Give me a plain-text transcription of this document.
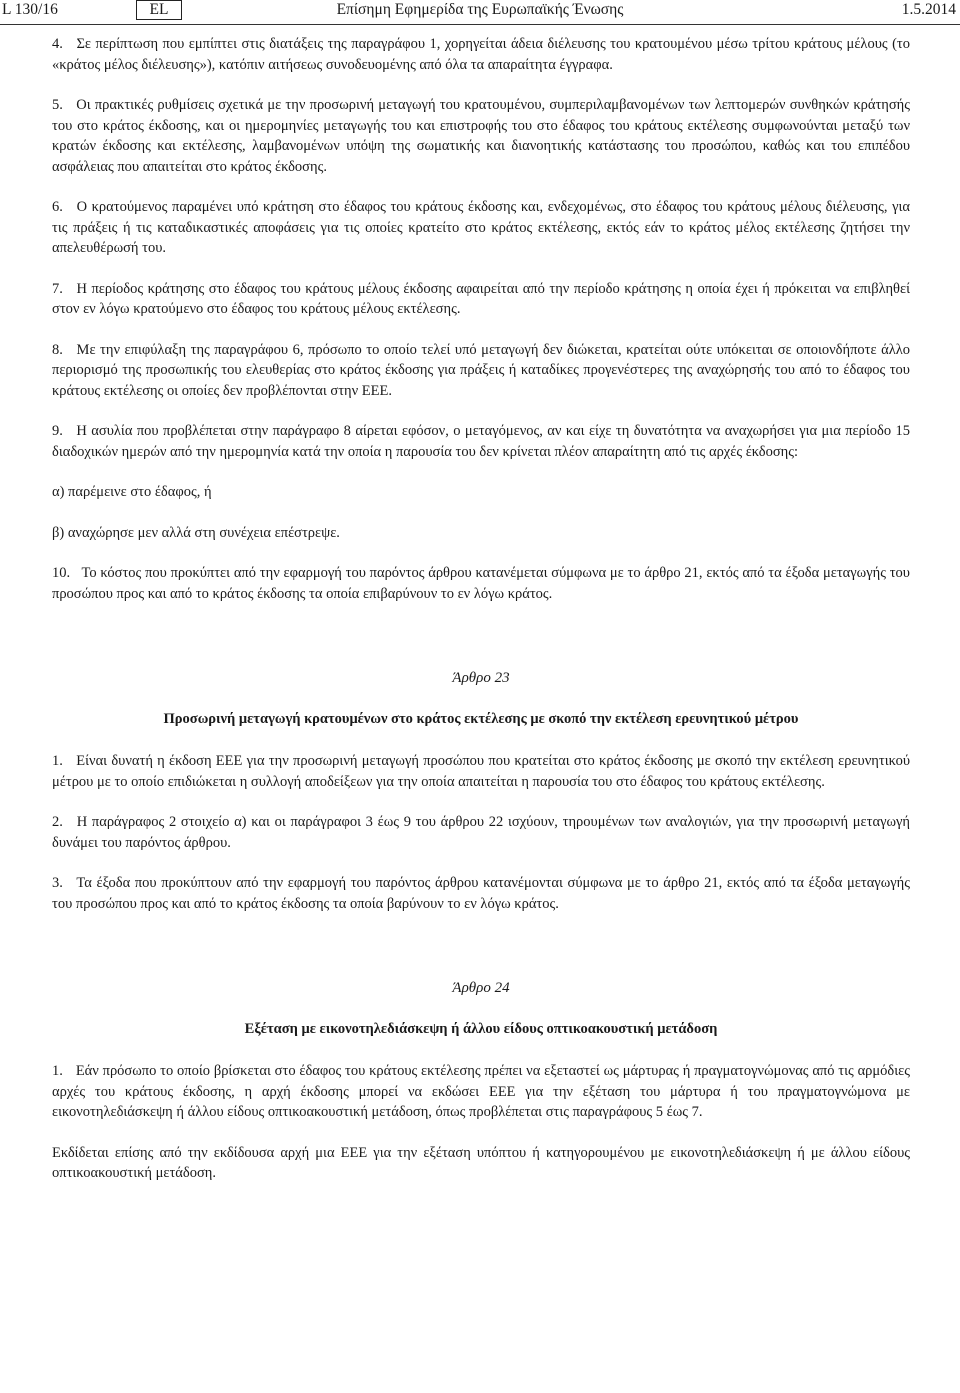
L 130/16	EL	Επίσημη Εφημερίδα της Ευρωπαϊκής Ένωσης	1.5.2014

4. Σε περίπτωση που εμπίπτει στις διατάξεις της παραγράφου 1, χορηγείται άδεια διέλευσης του κρατουμένου μέσω τρίτου κράτους μέλους (το «κράτος μέλος διέλευσης»), κατόπιν αιτήσεως συνοδευομένης από όλα τα απαραίτητα έγγραφα.

5. Οι πρακτικές ρυθμίσεις σχετικά με την προσωρινή μεταγωγή του κρατουμένου, συμπεριλαμβανομένων των λεπτομερών συνθηκών κράτησής του στο κράτος έκδοσης, και οι ημερομηνίες μεταγωγής του και επιστροφής του στο έδαφος του κράτους εκτέλεσης συμφωνούνται μεταξύ των κρατών έκδοσης και εκτέλεσης, λαμβανομένων υπόψη της σωματικής και διανοητικής κατάστασης του προσώπου, καθώς και του επιπέδου ασφάλειας που απαιτείται στο κράτος έκδοσης.

6. Ο κρατούμενος παραμένει υπό κράτηση στο έδαφος του κράτους έκδοσης και, ενδεχομένως, στο έδαφος του κράτους μέλους διέλευσης, για τις πράξεις ή τις καταδικαστικές αποφάσεις για τις οποίες κρατείτο στο κράτος εκτέλεσης, εκτός εάν το κράτος μέλος εκτέλεσης ζητήσει την απελευθέρωσή του.

7. Η περίοδος κράτησης στο έδαφος του κράτους μέλους έκδοσης αφαιρείται από την περίοδο κράτησης η οποία έχει ή πρόκειται να επιβληθεί στον εν λόγω κρατούμενο στο έδαφος του κράτους μέλους εκτέλεσης.

8. Με την επιφύλαξη της παραγράφου 6, πρόσωπο το οποίο τελεί υπό μεταγωγή δεν διώκεται, κρατείται ούτε υπόκειται σε οποιονδήποτε άλλο περιορισμό της προσωπικής του ελευθερίας στο κράτος έκδοσης για πράξεις ή καταδίκες προγενέστερες της αναχώρησής του από το έδαφος του κράτους εκτέλεσης οι οποίες δεν προβλέπονται στην ΕΕΕ.

9. Η ασυλία που προβλέπεται στην παράγραφο 8 αίρεται εφόσον, ο μεταγόμενος, αν και είχε τη δυνατότητα να αναχωρήσει για μια περίοδο 15 διαδοχικών ημερών από την ημερομηνία κατά την οποία η παρουσία του δεν κρίνεται πλέον απαραίτητη από τις αρχές έκδοσης:

α) παρέμεινε στο έδαφος, ή

β) αναχώρησε μεν αλλά στη συνέχεια επέστρεψε.

10. Το κόστος που προκύπτει από την εφαρμογή του παρόντος άρθρου κατανέμεται σύμφωνα με το άρθρο 21, εκτός από τα έξοδα μεταγωγής του προσώπου προς και από το κράτος έκδοσης τα οποία επιβαρύνουν το εν λόγω κράτος.

Άρθρο 23

Προσωρινή μεταγωγή κρατουμένων στο κράτος εκτέλεσης με σκοπό την εκτέλεση ερευνητικού μέτρου

1. Είναι δυνατή η έκδοση ΕΕΕ για την προσωρινή μεταγωγή προσώπου που κρατείται στο κράτος έκδοσης με σκοπό την εκτέλεση ερευνητικού μέτρου με το οποίο επιδιώκεται η συλλογή αποδείξεων για την οποία απαιτείται η παρουσία του στο έδαφος του κράτους εκτέλεσης.

2. Η παράγραφος 2 στοιχείο α) και οι παράγραφοι 3 έως 9 του άρθρου 22 ισχύουν, τηρουμένων των αναλογιών, για την προσωρινή μεταγωγή δυνάμει του παρόντος άρθρου.

3. Τα έξοδα που προκύπτουν από την εφαρμογή του παρόντος άρθρου κατανέμονται σύμφωνα με το άρθρο 21, εκτός από τα έξοδα μεταγωγής του προσώπου προς και από το κράτος έκδοσης τα οποία βαρύνουν το εν λόγω κράτος.

Άρθρο 24

Εξέταση με εικονοτηλεδιάσκεψη ή άλλου είδους οπτικοακουστική μετάδοση

1. Εάν πρόσωπο το οποίο βρίσκεται στο έδαφος του κράτους εκτέλεσης πρέπει να εξεταστεί ως μάρτυρας ή πραγματογνώμονας από τις αρμόδιες αρχές του κράτους έκδοσης, η αρχή έκδοσης μπορεί να εκδώσει ΕΕΕ για την εξέταση του μάρτυρα ή του πραγματογνώμονα με εικονοτηλεδιάσκεψη ή άλλου είδους οπτικοακουστική μετάδοση, όπως προβλέπεται στις παραγράφους 5 έως 7.

Εκδίδεται επίσης από την εκδίδουσα αρχή μια ΕΕΕ για την εξέταση υπόπτου ή κατηγορουμένου με εικονοτηλεδιάσκεψη ή με άλλου είδους οπτικοακουστική μετάδοση.
